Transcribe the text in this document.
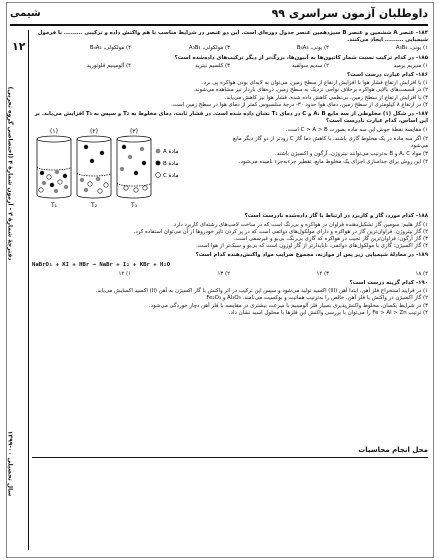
شیمی	داوطلبان آزمون سراسری ۹۹
۱۲
دفترچهٔ شمارهٔ ۳ - آزمون شمارهٔ ۴ (اختصاصی گروه تجربی)
سال تحصیلی ۰۰-۱۳۹۹

۱۸۴- عنصر A ششمین و عنصر B سیزدهمین عنصر جدول دوره‌ای است. این دو عنصر در شرایط مناسب با هم واکنش داده و ترکیبی ......... با فرمول شیمیایی ......... ایجاد می‌کنند.

۱) یونی، A₃B₄
۲) یونی، B₄A₃
۳) مولکولی، A₃B₄
۴) مولکولی، B₄A₃

۱۸۵- در کدام ترکیب نسبت شمار کاتیون‌ها به آنیون‌ها، بزرگ‌تر از دیگر ترکیب‌های داده‌شده است؟

۱) منیزیم برمید
۲) سدیم سولفید
۳) کلسیم نیترید
۴) آلومینیم فلوئورید

۱۸۶- کدام عبارت درست است؟

۱) با افزایش ارتفاع فشار هوا با افزایش ارتفاع از سطح زمین، می‌توان به لایه‌ای بودن هواکره پی برد.

۲) در قسمت‌های بالایی هواکره برخلاف نواحی نزدیک به سطح زمین، ذره‌های باردار نیز مشاهده می‌شوند.

۳) با افزایش ارتفاع از سطح زمین، بی‌نظمی کاهش داده شده، فشار هوا نیز کاهش می‌یابد.

۴) در ارتفاع ۸ کیلومتری از سطح زمین، دمای هوا حدود ۳۰- درجهٔ سلسیوس کمتر از دمای هوا در سطح زمین است.

۱۸۷- در شکل (۱) مخلوطی از سه مایع A، B و C در دمای T₁ نشان داده شده است. در فشار ثابت، دمای مخلوط به T₂ و سپس به T₃ افزایش می‌یابد. بر این اساس، کدام عبارت نادرست است؟

۱) مقایسهٔ نقطهٔ جوش این سه ماده بصورت C > A > B است.

۲) اگر سه ماده در یک مخلوط گازی باشند، با کاهش دما گاز C زودتر از دو گاز دیگر مایع می‌شود.

۳) مواد A، C و B به‌ترتیب می‌توانند نیتروژن، آرگون و اکسیژن باشند.

۴) این روش برای جداسازی اجزای یک مخلوط مایع، تقطیر جزءبه‌جزء نامیده می‌شود.

(۱)	(۲)	(۳)
T₁	T₂	T₃
A مادهٔ
B مادهٔ
C مادهٔ

۱۸۸- کدام مورد، گاز و کاربرد در ارتباط با گاز داده‌شده نادرست است؟

۱) گاز هلیم: سومین گاز تشکیل‌دهنده فراوان در هواکره و بی‌رنگ است که در ساخت لامپ‌های رشته‌ای کاربرد دارد.

۲) گاز نیتروژن: فراوان‌ترین گاز در هواکره و دارای مولکول‌های دواتمی است که در پر کردن تایر خودروها از آن می‌توان استفاده کرد.

۳) گاز آرگون: فراوان‌ترین گاز نجیب در هواکره که گازی بی‌رنگ، بی‌بو و غیرسمی است.

۴) گاز اکسیژن: گازی با مولکول‌های دواتمی، ناپایدارتر از گاز اوزون است که بی‌بو و سبک‌تر از هوا است.

۱۸۹- در معادلهٔ شیمیایی زیر پس از موازنه، مجموع ضرایب مواد واکنش‌دهنده کدام است؟

NaBrO₃ + KI + HBr → NaBr + I₂ + KBr + H₂O

۴) ۱۸
۳) ۱۴
۲) ۱۳
۱) ۱۲

۱۹۰- کدام گزینه درست است؟

۱) در فرایند استخراج فلز آهن، ابتدا آهن (III) اکسید تولید می‌شود و سپس این ترکیب در اثر واکنش با گاز اکسیژن به آهن (II) اکسید اکسایش می‌یابد.

۲) گاز اکسیژن در واکنش با فلز آهن، خالص را به‌ترتیب هماتیت و بوکسیت می‌نامند. Al₂O₃ و Fe₂O₃

۳) در شرایط یکسان، مخلوط واکنش‌پذیری بسیار فلز آلومینیم با سرعت بیشتری در مقایسه با فلز آهن دچار خوردگی می‌شود.

۴) ترتیب Fe > Al > Zn را می‌توان با بررسی واکنش این فلزها با محلول اسید نشان داد.

محل انجام محاسبات
